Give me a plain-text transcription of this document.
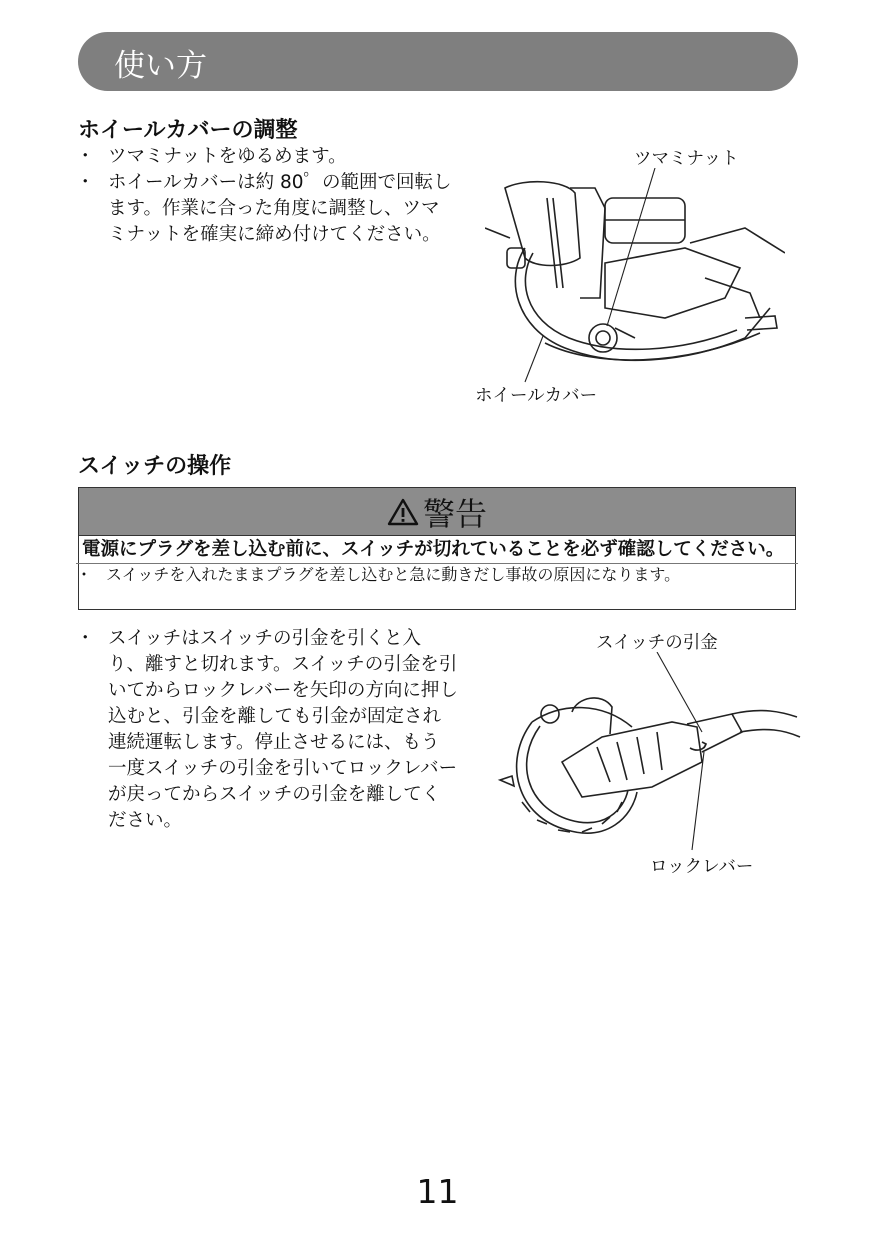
使い方
ホイールカバーの調整
・ ツマミナットをゆるめます。
・ ホイールカバーは約 80゜の範囲で回転します。作業に合った角度に調整し、ツマミナットを確実に締め付けてください。
ツマミナット
ホイールカバー
スイッチの操作
警告
電源にプラグを差し込む前に、スイッチが切れていることを必ず確認してください。
・ スイッチを入れたままプラグを差し込むと急に動きだし事故の原因になります。
・ スイッチはスイッチの引金を引くと入り、離すと切れます。スイッチの引金を引いてからロックレバーを矢印の方向に押し込むと、引金を離しても引金が固定され連続運転します。停止させるには、もう一度スイッチの引金を引いてロックレバーが戻ってからスイッチの引金を離してください。
スイッチの引金
ロックレバー
11
